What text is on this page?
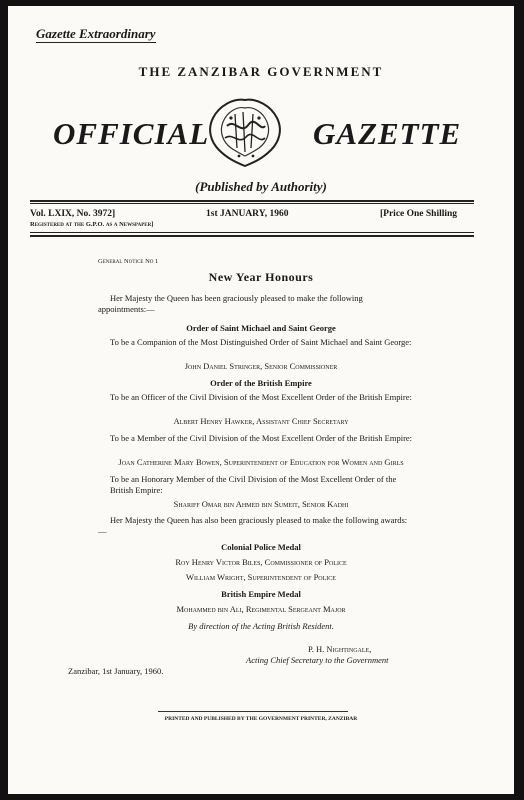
Gazette Extraordinary
THE ZANZIBAR GOVERNMENT
OFFICIAL	GAZETTE
(Published by Authority)
Vol. LXIX, No. 3972]	1st JANUARY, 1960	[Price One Shilling
Registered at the G.P.O. as a Newspaper]
General Notice No 1
New Year Honours
Her Majesty the Queen has been graciously pleased to make the following appointments:—
Order of Saint Michael and Saint George
To be a Companion of the Most Distinguished Order of Saint Michael and Saint George:
John Daniel Stringer, Senior Commissioner
Order of the British Empire
To be an Officer of the Civil Division of the Most Excellent Order of the British Empire:
Albert Henry Hawker, Assistant Chief Secretary
To be a Member of the Civil Division of the Most Excellent Order of the British Empire:
Joan Catherine Mary Bowen, Superintendent of Education for Women and Girls
To be an Honorary Member of the Civil Division of the Most Excellent Order of the British Empire:
Shariff Omar bin Ahmed bin Sumeit, Senior Kadhi
Her Majesty the Queen has also been graciously pleased to make the following awards:—
Colonial Police Medal
Roy Henry Victor Biles, Commissioner of Police
William Wright, Superintendent of Police
British Empire Medal
Mohammed bin Ali, Regimental Sergeant Major
By direction of the Acting British Resident.
P. H. Nightingale,
Acting Chief Secretary to the Government
Zanzibar, 1st January, 1960.
PRINTED AND PUBLISHED BY THE GOVERNMENT PRINTER, ZANZIBAR
